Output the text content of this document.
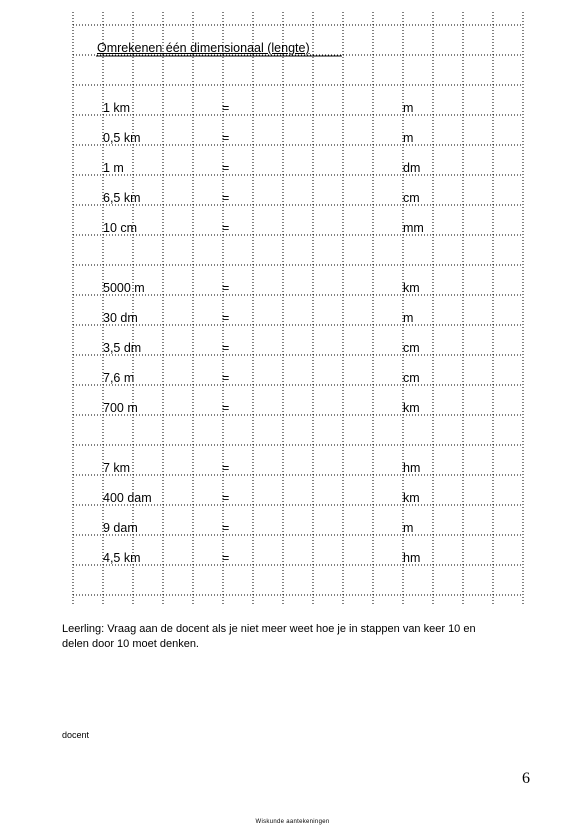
Omrekenen één dimensionaal (lengte)
1 km	=	m
0,5 km	=	m
1 m	=	dm
6,5 km	=	cm
10 cm	=	mm
5000 m	=	km
30 dm	=	m
3,5 dm	=	cm
7,6 m	=	cm
700 m	=	km
7 km	=	hm
400 dam	=	km
9 dam	=	m
4,5 km	=	hm
Leerling: Vraag aan de docent als je niet meer weet hoe je in stappen van keer 10 en delen door 10 moet denken.
docent
6
Wiskunde aantekeningen
